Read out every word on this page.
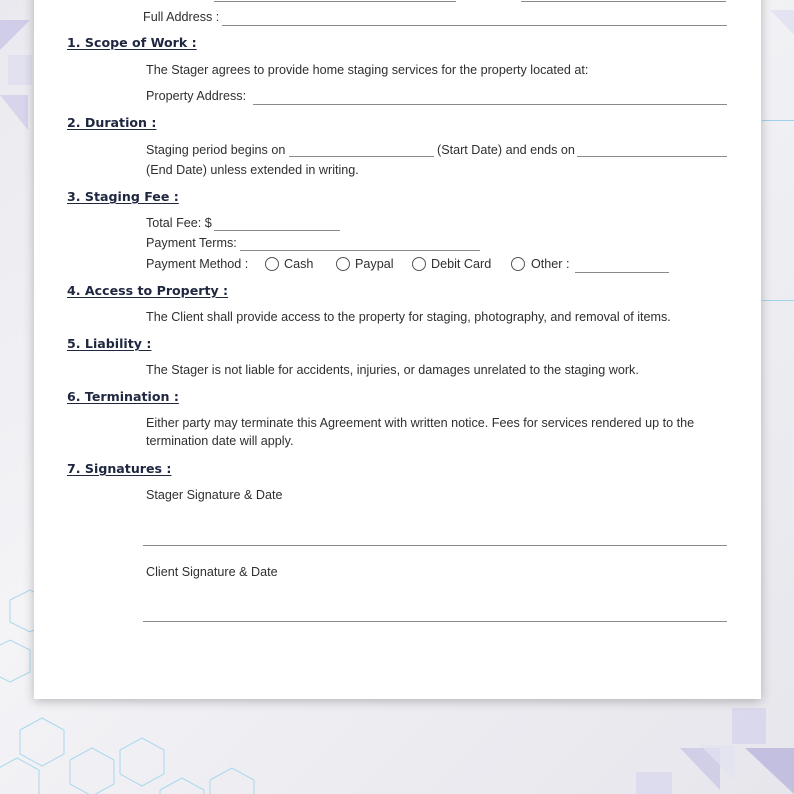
Full Address :
1. Scope of Work :
The Stager agrees to provide home staging services for the property located at:
Property Address:
2. Duration :
Staging period begins on	(Start Date) and ends on
(End Date) unless extended in writing.
3. Staging Fee :
Total Fee: $
Payment Terms:
Payment Method :	Cash	Paypal	Debit Card	Other :
4. Access to Property :
The Client shall provide access to the property for staging, photography, and removal of items.
5. Liability :
The Stager is not liable for accidents, injuries, or damages unrelated to the staging work.
6. Termination :
Either party may terminate this Agreement with written notice. Fees for services rendered up to the
termination date will apply.
7. Signatures :
Stager Signature & Date
Client Signature & Date
